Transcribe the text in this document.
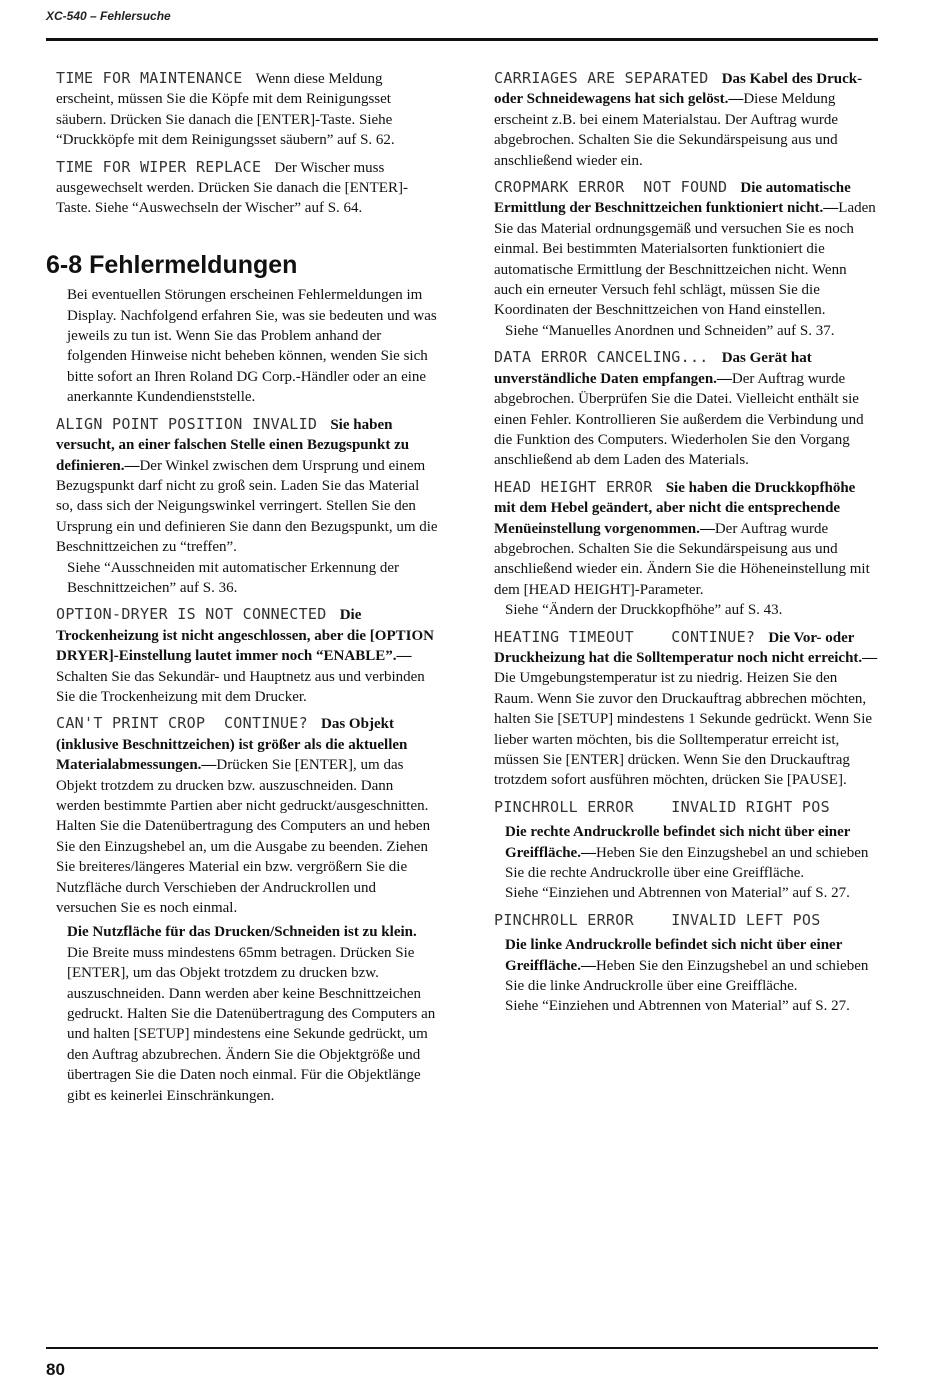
XC-540 – Fehlersuche
TIME FOR MAINTENANCE  Wenn diese Meldung erscheint, müssen Sie die Köpfe mit dem Reinigungsset säubern. Drücken Sie danach die [ENTER]-Taste. Siehe “Druckköpfe mit dem Reinigungsset säubern” auf S. 62.
TIME FOR WIPER REPLACE  Der Wischer muss ausgewechselt werden. Drücken Sie danach die [ENTER]-Taste. Siehe “Auswechseln der Wischer” auf S. 64.
6-8 Fehlermeldungen

Bei eventuellen Störungen erscheinen Fehlermeldungen im Display. Nachfolgend erfahren Sie, was sie bedeuten und was jeweils zu tun ist. Wenn Sie das Problem anhand der folgenden Hinweise nicht beheben können, wenden Sie sich bitte sofort an Ihren Roland DG Corp.-Händler oder an eine anerkannte Kundendienststelle.

ALIGN POINT POSITION INVALID  Sie haben versucht, an einer falschen Stelle einen Bezugspunkt zu definieren.—Der Winkel zwischen dem Ursprung und einem Bezugspunkt darf nicht zu groß sein. Laden Sie das Material so, dass sich der Neigungswinkel verringert. Stellen Sie den Ursprung ein und definieren Sie dann den Bezugspunkt, um die Beschnittzeichen zu “treffen”.
Siehe “Ausschneiden mit automatischer Erkennung der Beschnittzeichen” auf S. 36.
OPTION-DRYER IS NOT CONNECTED  Die Trockenheizung ist nicht angeschlossen, aber die [OPTION DRYER]-Einstellung lautet immer noch “ENABLE”.—Schalten Sie das Sekundär- und Hauptnetz aus und verbinden Sie die Trockenheizung mit dem Drucker.
CAN'T PRINT CROP  CONTINUE?  Das Objekt (inklusive Beschnittzeichen) ist größer als die aktuellen Materialabmessungen.—Drücken Sie [ENTER], um das Objekt trotzdem zu drucken bzw. auszuschneiden. Dann werden bestimmte Partien aber nicht gedruckt/ausgeschnitten. Halten Sie die Datenübertragung des Computers an und heben Sie den Einzugshebel an, um die Ausgabe zu beenden. Ziehen Sie breiteres/längeres Material ein bzw. vergrößern Sie die Nutzfläche durch Verschieben der Andruckrollen und versuchen Sie es noch einmal.
Die Nutzfläche für das Drucken/Schneiden ist zu klein.
Die Breite muss mindestens 65mm betragen. Drücken Sie [ENTER], um das Objekt trotzdem zu drucken bzw. auszuschneiden. Dann werden aber keine Beschnittzeichen gedruckt. Halten Sie die Datenübertragung des Computers an und halten [SETUP] mindestens eine Sekunde gedrückt, um den Auftrag abzubrechen. Ändern Sie die Objektgröße und übertragen Sie die Daten noch einmal. Für die Objektlänge gibt es keinerlei Einschränkungen.
CARRIAGES ARE SEPARATED  Das Kabel des Druck- oder Schneidewagens hat sich gelöst.—Diese Meldung erscheint z.B. bei einem Materialstau. Der Auftrag wurde abgebrochen. Schalten Sie die Sekundärspeisung aus und anschließend wieder ein.
CROPMARK ERROR  NOT FOUND  Die automatische Ermittlung der Beschnittzeichen funktioniert nicht.—Laden Sie das Material ordnungsgemäß und versuchen Sie es noch einmal. Bei bestimmten Materialsorten funktioniert die automatische Ermittlung der Beschnittzeichen nicht. Wenn auch ein erneuter Versuch fehl schlägt, müssen Sie die Koordinaten der Beschnittzeichen von Hand einstellen.
Siehe “Manuelles Anordnen und Schneiden” auf S. 37.
DATA ERROR CANCELING...  Das Gerät hat unverständliche Daten empfangen.—Der Auftrag wurde abgebrochen. Überprüfen Sie die Datei. Vielleicht enthält sie einen Fehler. Kontrollieren Sie außerdem die Verbindung und die Funktion des Computers. Wiederholen Sie den Vorgang anschließend ab dem Laden des Materials.
HEAD HEIGHT ERROR  Sie haben die Druckkopfhöhe mit dem Hebel geändert, aber nicht die entsprechende Menüeinstellung vorgenommen.—Der Auftrag wurde abgebrochen. Schalten Sie die Sekundärspeisung aus und anschließend wieder ein. Ändern Sie die Höheneinstellung mit dem [HEAD HEIGHT]-Parameter.
Siehe “Ändern der Druckkopfhöhe” auf S. 43.
HEATING TIMEOUT    CONTINUE?  Die Vor- oder Druckheizung hat die Solltemperatur noch nicht erreicht.—Die Umgebungstemperatur ist zu niedrig. Heizen Sie den Raum. Wenn Sie zuvor den Druckauftrag abbrechen möchten, halten Sie [SETUP] mindestens 1 Sekunde gedrückt. Wenn Sie lieber warten möchten, bis die Solltemperatur erreicht ist, müssen Sie [ENTER] drücken. Wenn Sie den Druckauftrag trotzdem sofort ausführen möchten, drücken Sie [PAUSE].
PINCHROLL ERROR    INVALID RIGHT POS
Die rechte Andruckrolle befindet sich nicht über einer Greiffläche.—Heben Sie den Einzugshebel an und schieben Sie die rechte Andruckrolle über eine Greiffläche.
Siehe “Einziehen und Abtrennen von Material” auf S. 27.
PINCHROLL ERROR    INVALID LEFT POS
Die linke Andruckrolle befindet sich nicht über einer Greiffläche.—Heben Sie den Einzugshebel an und schieben Sie die linke Andruckrolle über eine Greiffläche.
Siehe “Einziehen und Abtrennen von Material” auf S. 27.
80
